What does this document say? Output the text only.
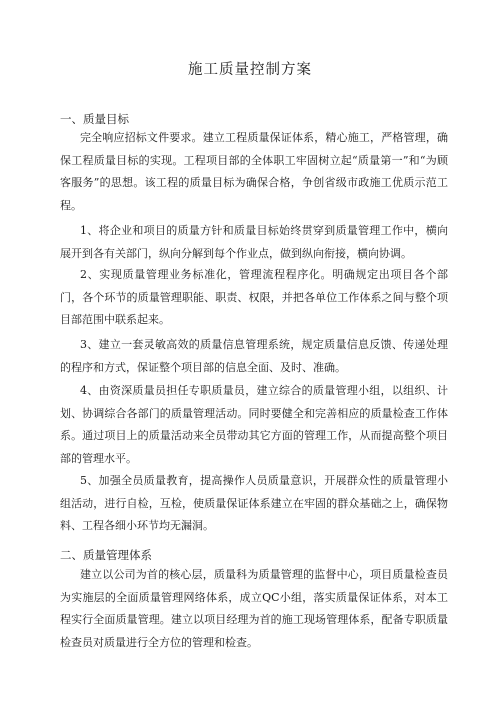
施工质量控制方案
一、质量目标
完全响应招标文件要求。建立工程质量保证体系，精心施工，严格管理，确保工程质量目标的实现。工程项目部的全体职工牢固树立起“质量第一”和“为顾客服务”的思想。该工程的质量目标为确保合格，争创省级市政施工优质示范工程。
1、将企业和项目的质量方针和质量目标始终贯穿到质量管理工作中，横向展开到各有关部门，纵向分解到每个作业点，做到纵向衔接，横向协调。
2、实现质量管理业务标准化，管理流程程序化。明确规定出项目各个部门，各个环节的质量管理职能、职责、权限，并把各单位工作体系之间与整个项目部范围中联系起来。
3、建立一套灵敏高效的质量信息管理系统，规定质量信息反馈、传递处理的程序和方式，保证整个项目部的信息全面、及时、准确。
4、由资深质量员担任专职质量员，建立综合的质量管理小组，以组织、计划、协调综合各部门的质量管理活动。同时要健全和完善相应的质量检查工作体系。通过项目上的质量活动来全员带动其它方面的管理工作，从而提高整个项目部的管理水平。
5、加强全员质量教育，提高操作人员质量意识，开展群众性的质量管理小组活动，进行自检，互检，使质量保证体系建立在牢固的群众基础之上，确保物料、工程各细小环节均无漏洞。
二、质量管理体系
建立以公司为首的核心层，质量科为质量管理的监督中心，项目质量检查员为实施层的全面质量管理网络体系，成立QC小组，落实质量保证体系，对本工程实行全面质量管理。建立以项目经理为首的施工现场管理体系，配备专职质量检查员对质量进行全方位的管理和检查。
